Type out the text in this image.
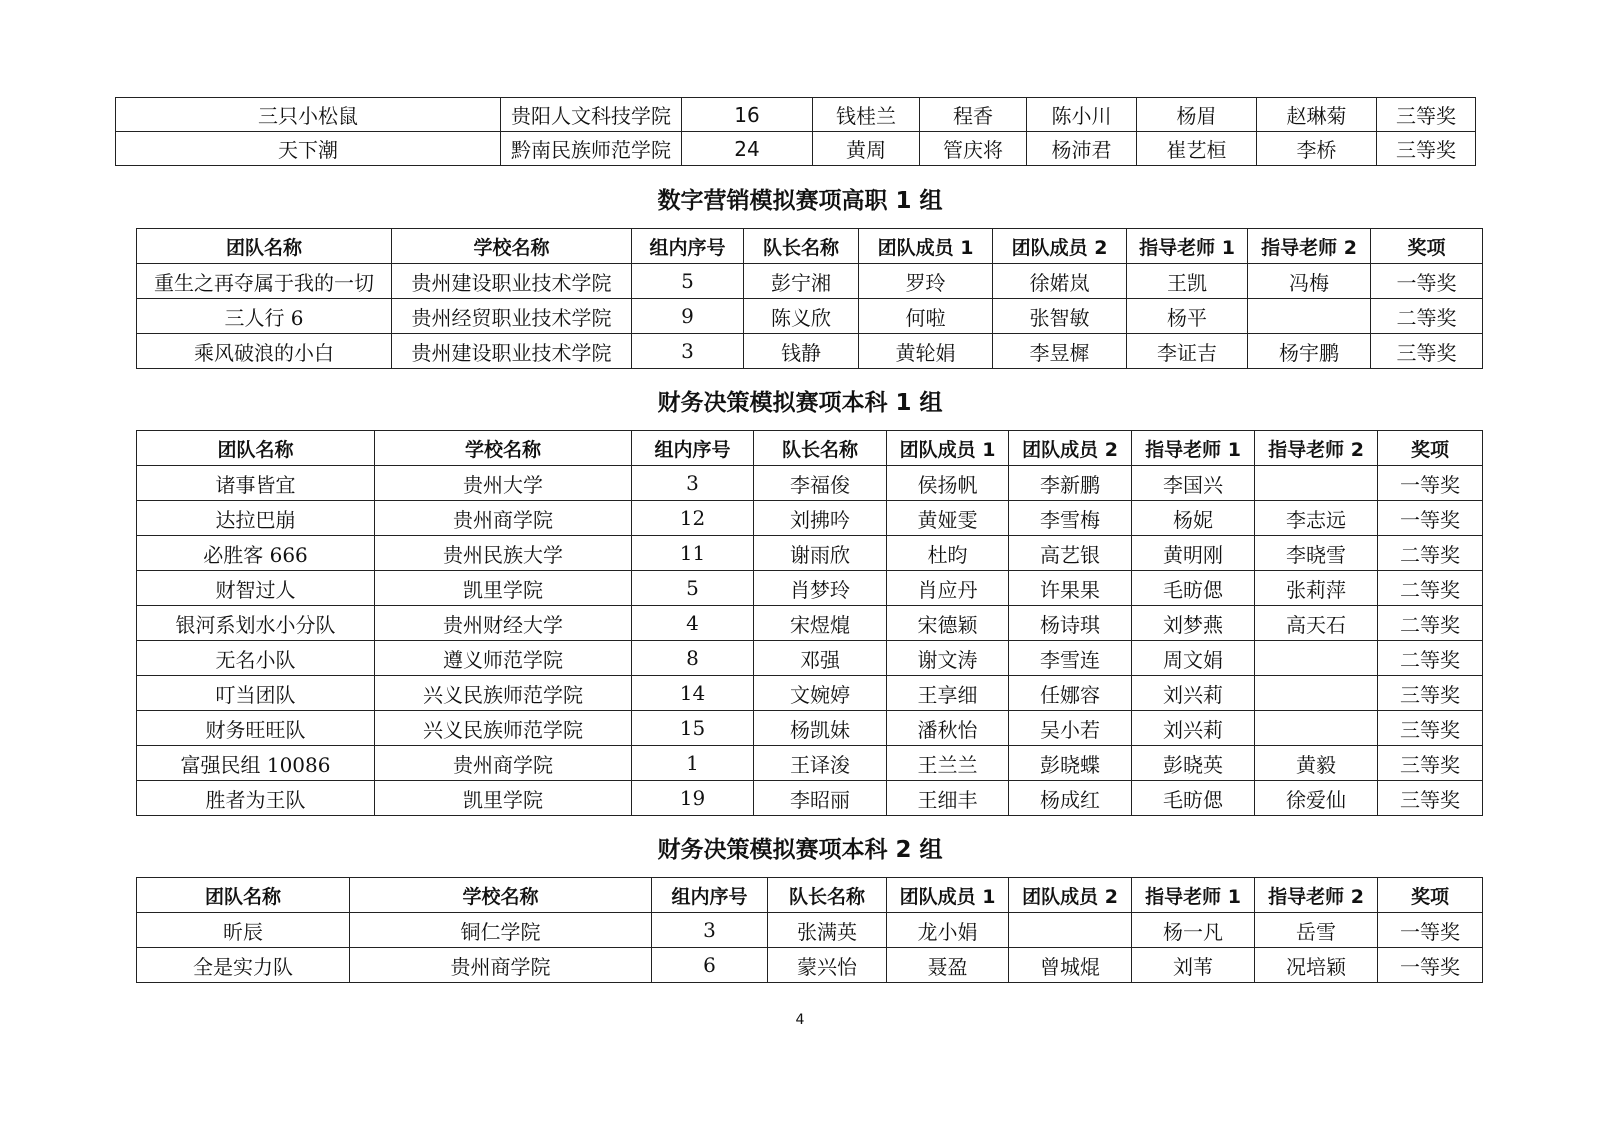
三只小松鼠	贵阳人文科技学院	16	钱桂兰	程香	陈小川	杨眉	赵琳菊	三等奖
天下潮	黔南民族师范学院	24	黄周	管庆将	杨沛君	崔艺桓	李桥	三等奖
数字营销模拟赛项高职 1 组
团队名称	学校名称	组内序号	队长名称	团队成员 1	团队成员 2	指导老师 1	指导老师 2	奖项
重生之再夺属于我的一切	贵州建设职业技术学院	5	彭宁湘	罗玲	徐婼岚	王凯	冯梅	一等奖
三人行 6	贵州经贸职业技术学院	9	陈义欣	何啦	张智敏	杨平		二等奖
乘风破浪的小白	贵州建设职业技术学院	3	钱静	黄轮娟	李昱樨	李证吉	杨宇鹏	三等奖
财务决策模拟赛项本科 1 组
团队名称	学校名称	组内序号	队长名称	团队成员 1	团队成员 2	指导老师 1	指导老师 2	奖项
诸事皆宜	贵州大学	3	李福俊	侯扬帆	李新鹏	李国兴		一等奖
达拉巴崩	贵州商学院	12	刘拂吟	黄娅雯	李雪梅	杨妮	李志远	一等奖
必胜客 666	贵州民族大学	11	谢雨欣	杜昀	高艺银	黄明刚	李晓雪	二等奖
财智过人	凯里学院	5	肖梦玲	肖应丹	许果果	毛昉偲	张莉萍	二等奖
银河系划水小分队	贵州财经大学	4	宋煜熴	宋德颖	杨诗琪	刘梦燕	高天石	二等奖
无名小队	遵义师范学院	8	邓强	谢文涛	李雪连	周文娟		二等奖
叮当团队	兴义民族师范学院	14	文婉婷	王享细	任娜容	刘兴莉		三等奖
财务旺旺队	兴义民族师范学院	15	杨凯妹	潘秋怡	吴小若	刘兴莉		三等奖
富强民组 10086	贵州商学院	1	王译浚	王兰兰	彭晓蝶	彭晓英	黄毅	三等奖
胜者为王队	凯里学院	19	李昭丽	王细丰	杨成红	毛昉偲	徐爱仙	三等奖
财务决策模拟赛项本科 2 组
团队名称	学校名称	组内序号	队长名称	团队成员 1	团队成员 2	指导老师 1	指导老师 2	奖项
昕辰	铜仁学院	3	张满英	龙小娟		杨一凡	岳雪	一等奖
全是实力队	贵州商学院	6	蒙兴怡	聂盈	曾城焜	刘苇	况培颖	一等奖
4
